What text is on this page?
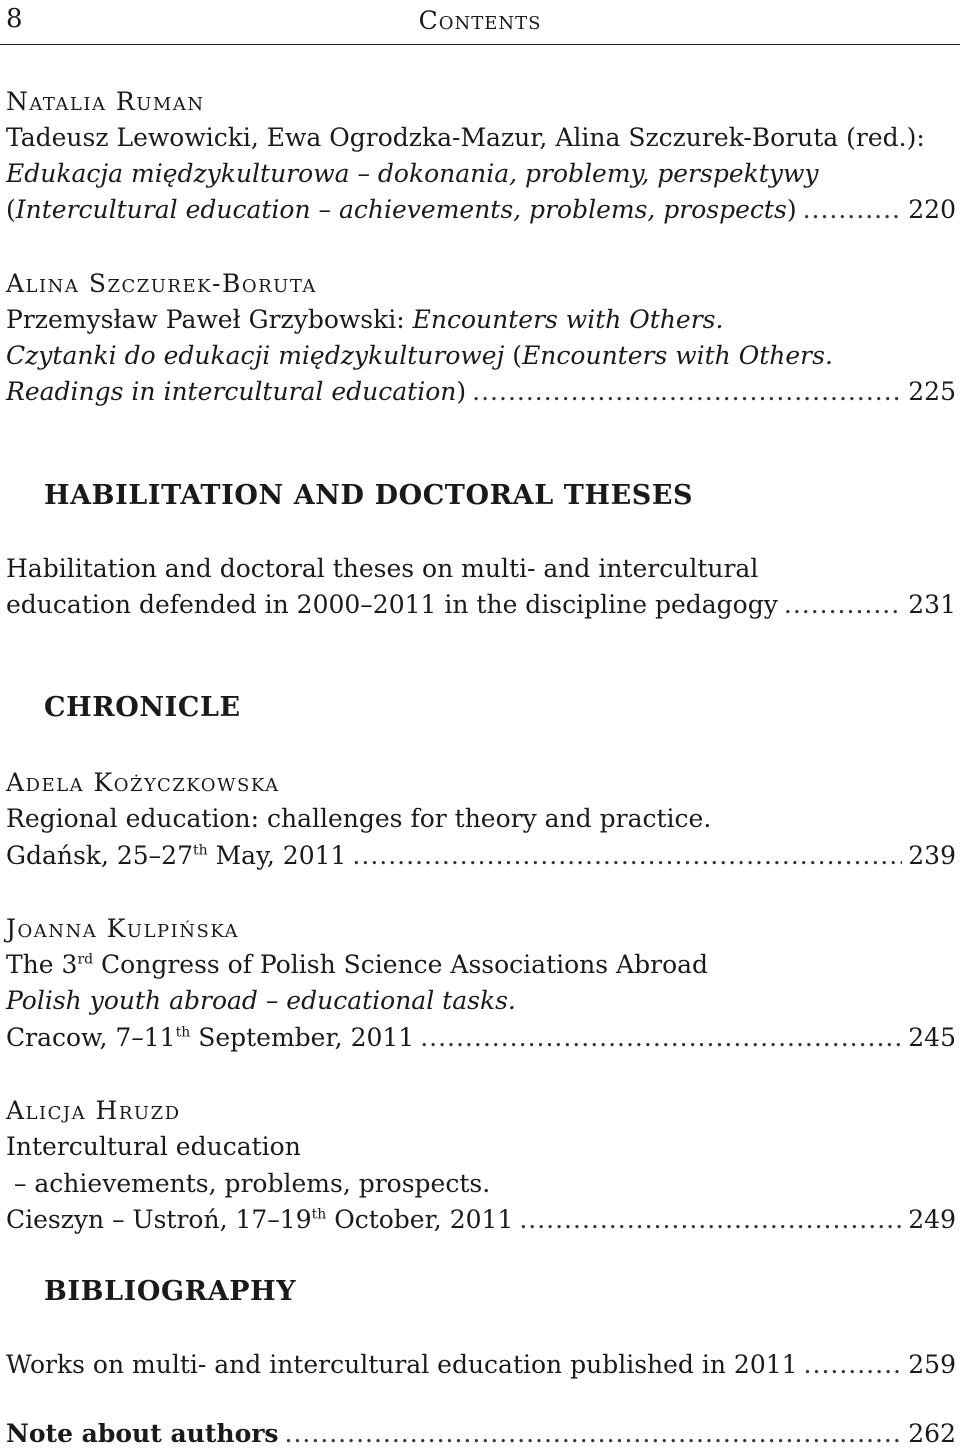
8	Contents
Natalia Ruman
Tadeusz Lewowicki, Ewa Ogrodzka-Mazur, Alina Szczurek-Boruta (red.):
Edukacja międzykulturowa – dokonania, problemy, perspektywy
(Intercultural education – achievements, problems, prospects) .....	220
Alina Szczurek-Boruta
Przemysław Paweł Grzybowski: Encounters with Others.
Czytanki do edukacji międzykulturowej (Encounters with Others.
Readings in intercultural education) .....	225
HABILITATION AND DOCTORAL THESES
Habilitation and doctoral theses on multi- and intercultural
education defended in 2000–2011 in the discipline pedagogy .....	231
CHRONICLE
Adela Kożyczkowska
Regional education: challenges for theory and practice.
Gdańsk, 25–27th May, 2011 .....	239
Joanna Kulpińska
The 3rd Congress of Polish Science Associations Abroad
Polish youth abroad – educational tasks.
Cracow, 7–11th September, 2011 .....	245
Alicja Hruzd
Intercultural education
– achievements, problems, prospects.
Cieszyn – Ustroń, 17–19th October, 2011 .....	249
BIBLIOGRAPHY
Works on multi- and intercultural education published in 2011 .....	259
Note about authors .....	262
